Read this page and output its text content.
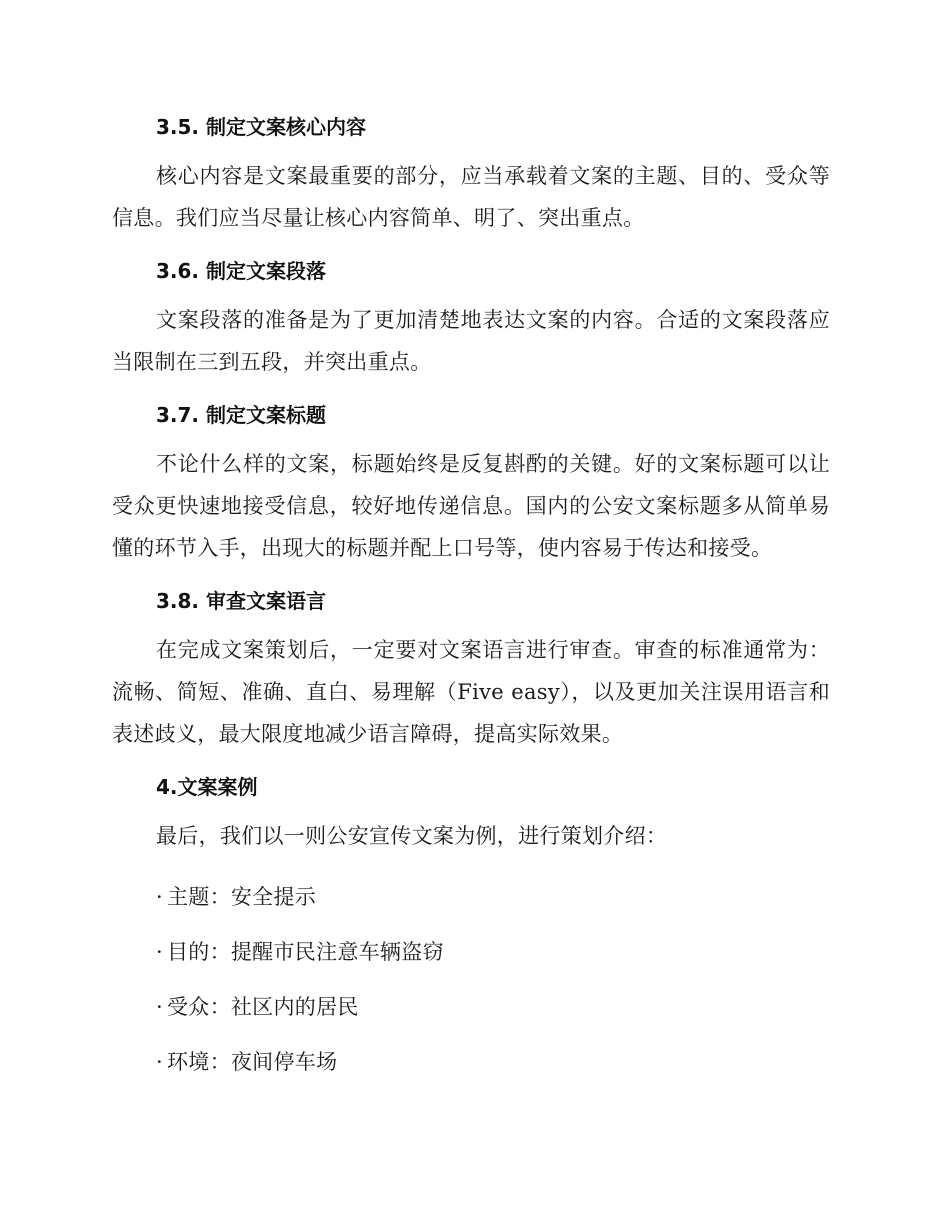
3.5. 制定文案核心内容

核心内容是文案最重要的部分，应当承载着文案的主题、目的、受众等信息。我们应当尽量让核心内容简单、明了、突出重点。

3.6. 制定文案段落

文案段落的准备是为了更加清楚地表达文案的内容。合适的文案段落应当限制在三到五段，并突出重点。

3.7. 制定文案标题

不论什么样的文案，标题始终是反复斟酌的关键。好的文案标题可以让受众更快速地接受信息，较好地传递信息。国内的公安文案标题多从简单易懂的环节入手，出现大的标题并配上口号等，使内容易于传达和接受。

3.8. 审查文案语言

在完成文案策划后，一定要对文案语言进行审查。审查的标准通常为：流畅、简短、准确、直白、易理解（Five easy），以及更加关注误用语言和表述歧义，最大限度地减少语言障碍，提高实际效果。

4.文案案例

最后，我们以一则公安宣传文案为例，进行策划介绍：

· 主题：安全提示

· 目的：提醒市民注意车辆盗窃

· 受众：社区内的居民

· 环境：夜间停车场
